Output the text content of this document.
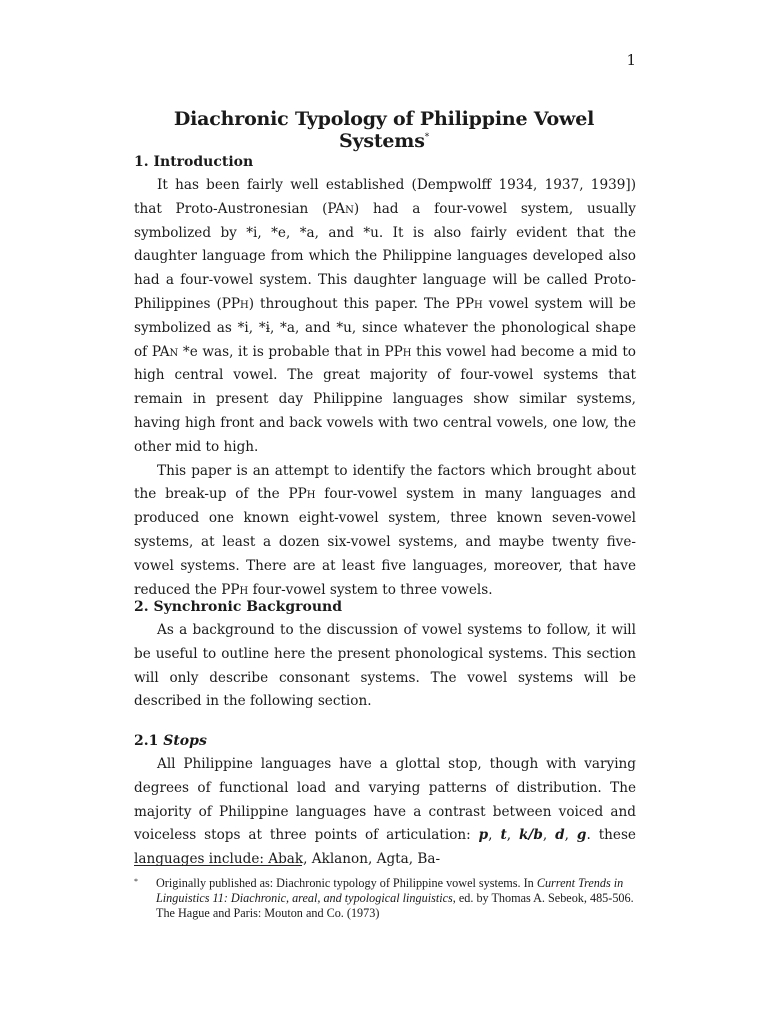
1
Diachronic Typology of Philippine Vowel Systems*
1. Introduction

It has been fairly well established (Dempwolff 1934, 1937, 1939]) that Proto-Austronesian (PAn) had a four-vowel system, usually symbolized by *i, *e, *a, and *u. It is also fairly evident that the daughter language from which the Philippine languages developed also had a four-vowel system. This daughter language will be called Proto-Philippines (PPh) throughout this paper. The PPh vowel system will be symbolized as *i, *ɨ, *a, and *u, since whatever the phonological shape of PAn *e was, it is probable that in PPh this vowel had become a mid to high central vowel. The great majority of four-vowel systems that remain in present day Philippine languages show similar systems, having high front and back vowels with two central vowels, one low, the other mid to high.

This paper is an attempt to identify the factors which brought about the break-up of the PPh four-vowel system in many languages and produced one known eight-vowel system, three known seven-vowel systems, at least a dozen six-vowel systems, and maybe twenty five-vowel systems. There are at least five languages, moreover, that have reduced the PPh four-vowel system to three vowels.

2. Synchronic Background

As a background to the discussion of vowel systems to follow, it will be useful to outline here the present phonological systems. This section will only describe consonant systems. The vowel systems will be described in the following section.

2.1 Stops

All Philippine languages have a glottal stop, though with varying degrees of functional load and varying patterns of distribution. The majority of Philippine languages have a contrast between voiced and voiceless stops at three points of articulation: p, t, k/b, d, g. these languages include: Abak, Aklanon, Agta, Ba-

*	Originally published as: Diachronic typology of Philippine vowel systems. In Current Trends in Linguistics 11: Diachronic, areal, and typological linguistics, ed. by Thomas A. Sebeok, 485-506. The Hague and Paris: Mouton and Co. (1973)
